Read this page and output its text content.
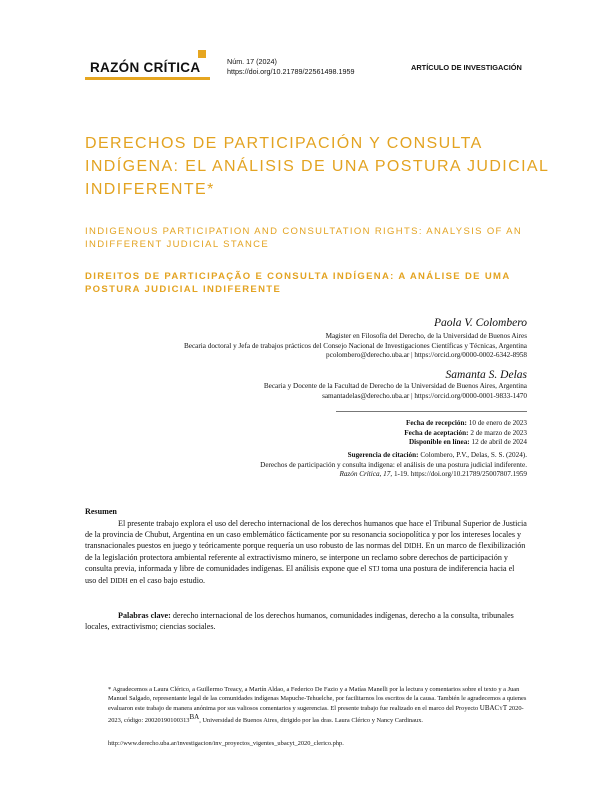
RAZÓN CRÍTICA	Núm. 17 (2024)
https://doi.org/10.21789/22561498.1959	ARTÍCULO DE INVESTIGACIÓN
DERECHOS DE PARTICIPACIÓN Y CONSULTA
INDÍGENA: EL ANÁLISIS DE UNA POSTURA JUDICIAL
INDIFERENTE*
INDIGENOUS PARTICIPATION AND CONSULTATION RIGHTS: ANALYSIS OF AN
INDIFFERENT JUDICIAL STANCE
DIREITOS DE PARTICIPAÇÃO E CONSULTA INDÍGENA: A ANÁLISE DE UMA
POSTURA JUDICIAL INDIFERENTE
Paola V. Colombero
Magister en Filosofía del Derecho, de la Universidad de Buenos Aires
Becaria doctoral y Jefa de trabajos prácticos del Consejo Nacional de Investigaciones Científicas y Técnicas, Argentina
pcolombero@derecho.uba.ar | https://orcid.org/0000-0002-6342-8958
Samanta S. Delas
Becaria y Docente de la Facultad de Derecho de la Universidad de Buenos Aires, Argentina
samantadelas@derecho.uba.ar | https://orcid.org/0000-0001-9833-1470
Fecha de recepción: 10 de enero de 2023
Fecha de aceptación: 2 de marzo de 2023
Disponible en línea: 12 de abril de 2024
Sugerencia de citación: Colombero, P.V., Delas, S. S. (2024).
Derechos de participación y consulta indígena: el análisis de una postura judicial indiferente.
Razón Crítica, 17, 1-19. https://doi.org/10.21789/25007807.1959
Resumen
El presente trabajo explora el uso del derecho internacional de los derechos humanos que hace el Tribunal Superior de Justicia de la provincia de Chubut, Argentina en un caso emblemático fácticamente por su resonancia sociopolítica y por los intereses locales y transnacionales puestos en juego y teóricamente porque requería un uso robusto de las normas del DIDH. En un marco de flexibilización de la legislación protectora ambiental referente al extractivismo minero, se interpone un reclamo sobre derechos de participación y consulta previa, informada y libre de comunidades indígenas. El análisis expone que el STJ toma una postura de indiferencia hacia el uso del DIDH en el caso bajo estudio.
Palabras clave: derecho internacional de los derechos humanos, comunidades indígenas, derecho a la consulta, tribunales locales, extractivismo; ciencias sociales.
* Agradecemos a Laura Clérico, a Guillermo Treacy, a Martín Aldao, a Federico De Fazio y a Matías Manelli por la lectura y comentarios sobre el texto y a Juan Manuel Salgado, representante legal de las comunidades indígenas Mapuche-Tehuelche, por facilitarnos los escritos de la causa. También le agradecemos a quienes evaluaron este trabajo de manera anónima por sus valiosos comentarios y sugerencias. El presente trabajo fue realizado en el marco del Proyecto UBACyT 2020-2023, código: $20020190100313^{BA}$, Universidad de Buenos Aires, dirigido por las dras. Laura Clérico y Nancy Cardinaux.
http://www.derecho.uba.ar/investigacion/inv_proyectos_vigentes_ubacyt_2020_clerico.php.
